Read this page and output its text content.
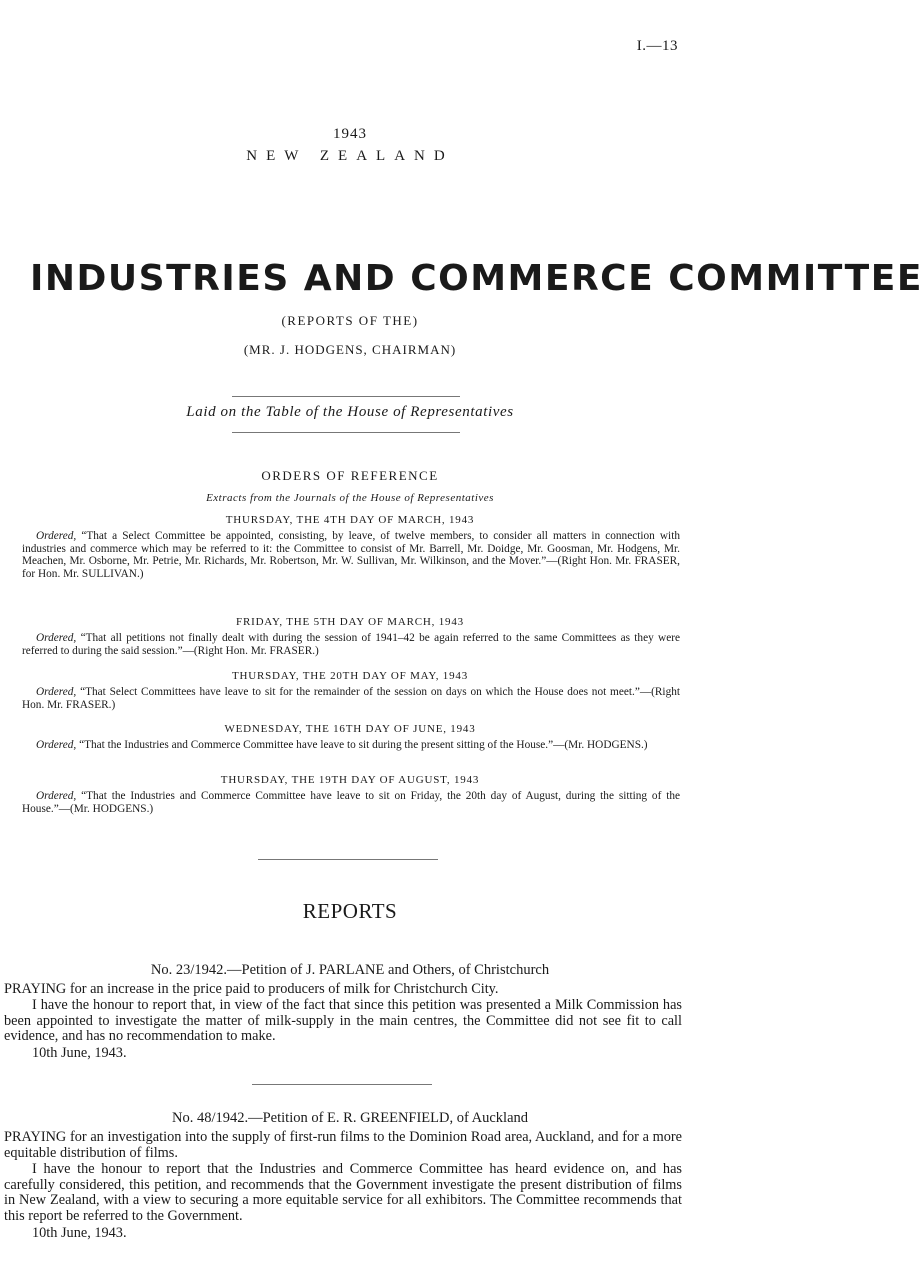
I.—13
1943
NEW ZEALAND
INDUSTRIES AND COMMERCE COMMITTEE
(REPORTS OF THE)
(MR. J. HODGENS, CHAIRMAN)
Laid on the Table of the House of Representatives
ORDERS OF REFERENCE
Extracts from the Journals of the House of Representatives
THURSDAY, THE 4TH DAY OF MARCH, 1943
Ordered, “That a Select Committee be appointed, consisting, by leave, of twelve members, to consider all matters in connection with industries and commerce which may be referred to it: the Committee to consist of Mr. Barrell, Mr. Doidge, Mr. Goosman, Mr. Hodgens, Mr. Meachen, Mr. Osborne, Mr. Petrie, Mr. Richards, Mr. Robertson, Mr. W. Sullivan, Mr. Wilkinson, and the Mover.”—(Right Hon. Mr. FRASER, for Hon. Mr. SULLIVAN.)
FRIDAY, THE 5TH DAY OF MARCH, 1943
Ordered, “That all petitions not finally dealt with during the session of 1941–42 be again referred to the same Committees as they were referred to during the said session.”—(Right Hon. Mr. FRASER.)
THURSDAY, THE 20TH DAY OF MAY, 1943
Ordered, “That Select Committees have leave to sit for the remainder of the session on days on which the House does not meet.”—(Right Hon. Mr. FRASER.)
WEDNESDAY, THE 16TH DAY OF JUNE, 1943
Ordered, “That the Industries and Commerce Committee have leave to sit during the present sitting of the House.”—(Mr. HODGENS.)
THURSDAY, THE 19TH DAY OF AUGUST, 1943
Ordered, “That the Industries and Commerce Committee have leave to sit on Friday, the 20th day of August, during the sitting of the House.”—(Mr. HODGENS.)
REPORTS
No. 23/1942.—Petition of J. PARLANE and Others, of Christchurch
PRAYING for an increase in the price paid to producers of milk for Christchurch City.
I have the honour to report that, in view of the fact that since this petition was presented a Milk Commission has been appointed to investigate the matter of milk-supply in the main centres, the Committee did not see fit to call evidence, and has no recommendation to make.
10th June, 1943.
No. 48/1942.—Petition of E. R. GREENFIELD, of Auckland
PRAYING for an investigation into the supply of first-run films to the Dominion Road area, Auckland, and for a more equitable distribution of films.
I have the honour to report that the Industries and Commerce Committee has heard evidence on, and has carefully considered, this petition, and recommends that the Government investigate the present distribution of films in New Zealand, with a view to securing a more equitable service for all exhibitors. The Committee recommends that this report be referred to the Government.
10th June, 1943.
